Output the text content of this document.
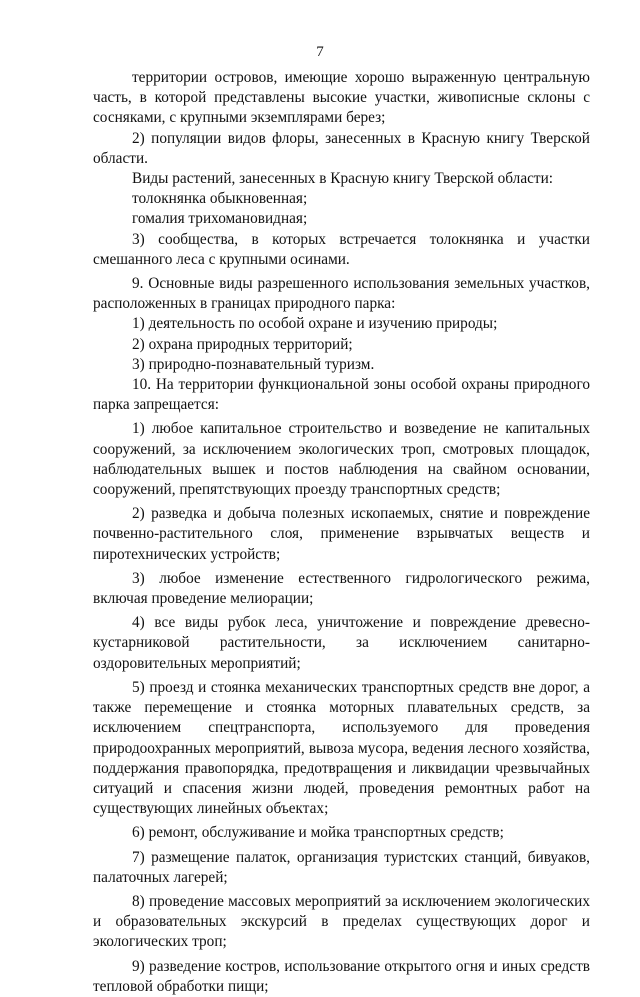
7

территории островов, имеющие хорошо выраженную центральную часть, в которой представлены высокие участки, живописные склоны с сосняками, с крупными экземплярами берез;

2) популяции видов флоры, занесенных в Красную книгу Тверской области.

Виды растений, занесенных в Красную книгу Тверской области:

толокнянка обыкновенная;

гомалия трихомановидная;

3) сообщества, в которых встречается толокнянка и участки смешанного леса с крупными осинами.

9. Основные виды разрешенного использования земельных участков, расположенных в границах природного парка:

1) деятельность по особой охране и изучению природы;

2) охрана природных территорий;

3) природно-познавательный туризм.

10. На территории функциональной зоны особой охраны природного парка запрещается:

1) любое капитальное строительство и возведение не капитальных сооружений, за исключением экологических троп, смотровых площадок, наблюдательных вышек и постов наблюдения на свайном основании, сооружений, препятствующих проезду транспортных средств;

2) разведка и добыча полезных ископаемых, снятие и повреждение почвенно-растительного слоя, применение взрывчатых веществ и пиротехнических устройств;

3) любое изменение естественного гидрологического режима, включая проведение мелиорации;

4) все виды рубок леса, уничтожение и повреждение древесно-кустарниковой растительности, за исключением санитарно-оздоровительных мероприятий;

5) проезд и стоянка механических транспортных средств вне дорог, а также перемещение и стоянка моторных плавательных средств, за исключением спецтранспорта, используемого для проведения природоохранных мероприятий, вывоза мусора, ведения лесного хозяйства, поддержания правопорядка, предотвращения и ликвидации чрезвычайных ситуаций и спасения жизни людей, проведения ремонтных работ на существующих линейных объектах;

6) ремонт, обслуживание и мойка транспортных средств;

7) размещение палаток, организация туристских станций, бивуаков, палаточных лагерей;

8) проведение массовых мероприятий за исключением экологических и образовательных экскурсий в пределах существующих дорог и экологических троп;

9) разведение костров, использование открытого огня и иных средств тепловой обработки пищи;
